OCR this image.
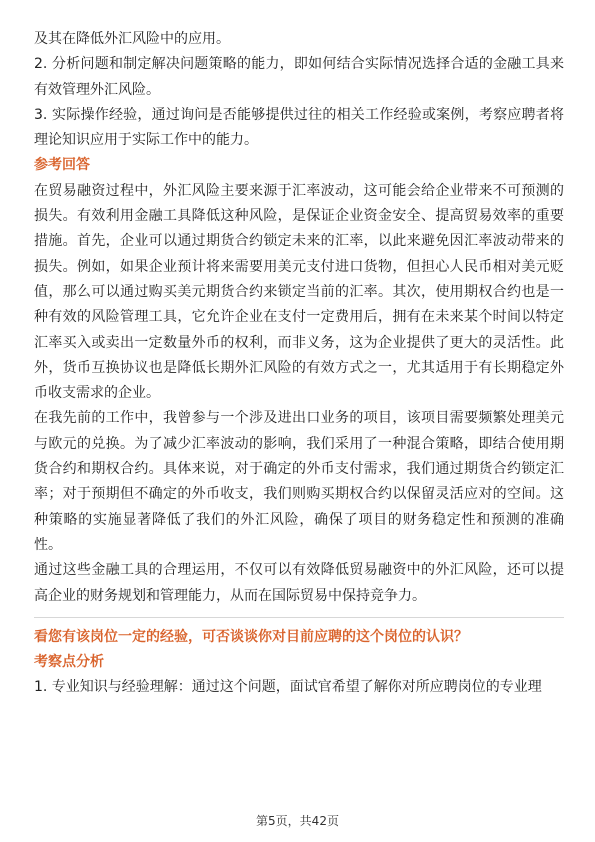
及其在降低外汇风险中的应用。

2. 分析问题和制定解决问题策略的能力，即如何结合实际情况选择合适的金融工具来有效管理外汇风险。

3. 实际操作经验，通过询问是否能够提供过往的相关工作经验或案例，考察应聘者将理论知识应用于实际工作中的能力。

参考回答

在贸易融资过程中，外汇风险主要来源于汇率波动，这可能会给企业带来不可预测的损失。有效利用金融工具降低这种风险，是保证企业资金安全、提高贸易效率的重要措施。首先，企业可以通过期货合约锁定未来的汇率，以此来避免因汇率波动带来的损失。例如，如果企业预计将来需要用美元支付进口货物，但担心人民币相对美元贬值，那么可以通过购买美元期货合约来锁定当前的汇率。其次，使用期权合约也是一种有效的风险管理工具，它允许企业在支付一定费用后，拥有在未来某个时间以特定汇率买入或卖出一定数量外币的权利，而非义务，这为企业提供了更大的灵活性。此外，货币互换协议也是降低长期外汇风险的有效方式之一，尤其适用于有长期稳定外币收支需求的企业。

在我先前的工作中，我曾参与一个涉及进出口业务的项目，该项目需要频繁处理美元与欧元的兑换。为了减少汇率波动的影响，我们采用了一种混合策略，即结合使用期货合约和期权合约。具体来说，对于确定的外币支付需求，我们通过期货合约锁定汇率；对于预期但不确定的外币收支，我们则购买期权合约以保留灵活应对的空间。这种策略的实施显著降低了我们的外汇风险，确保了项目的财务稳定性和预测的准确性。

通过这些金融工具的合理运用，不仅可以有效降低贸易融资中的外汇风险，还可以提高企业的财务规划和管理能力，从而在国际贸易中保持竞争力。

看您有该岗位一定的经验，可否谈谈你对目前应聘的这个岗位的认识？

考察点分析

1. 专业知识与经验理解：通过这个问题，面试官希望了解你对所应聘岗位的专业理

第5页，共42页
